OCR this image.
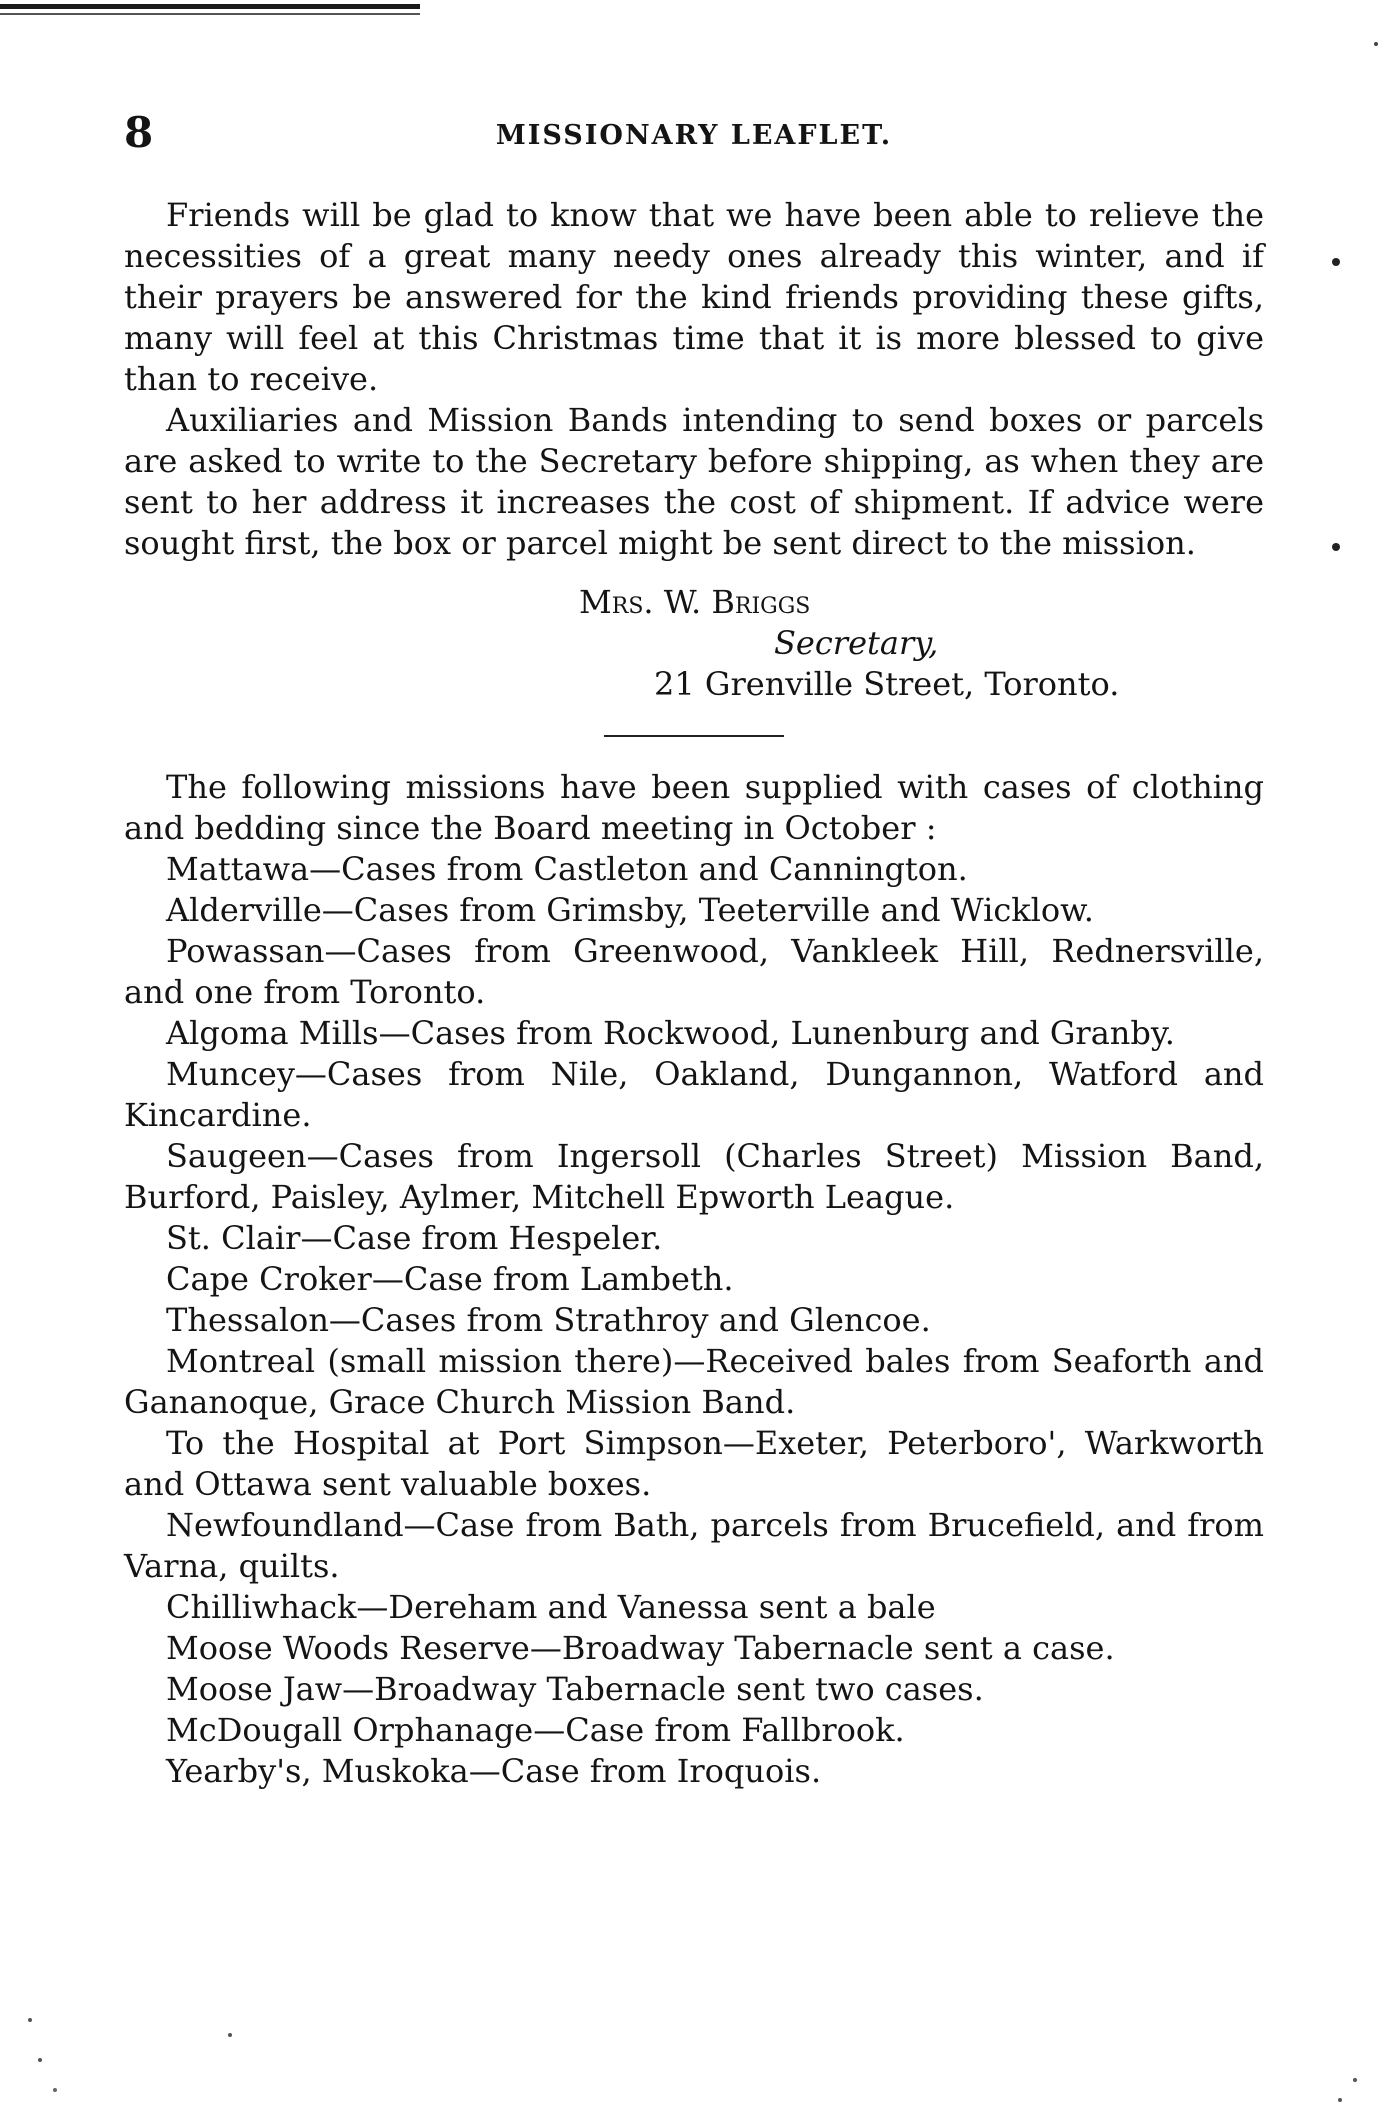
8	MISSIONARY LEAFLET.

Friends will be glad to know that we have been able to relieve the necessities of a great many needy ones already this winter, and if their prayers be answered for the kind friends providing these gifts, many will feel at this Christmas time that it is more blessed to give than to receive.

Auxiliaries and Mission Bands intending to send boxes or parcels are asked to write to the Secretary before shipping, as when they are sent to her address it increases the cost of shipment. If advice were sought first, the box or parcel might be sent direct to the mission.

Mrs. W. Briggs

Secretary,

21 Grenville Street, Toronto.

The following missions have been supplied with cases of clothing and bedding since the Board meeting in October :

Mattawa—Cases from Castleton and Cannington.

Alderville—Cases from Grimsby, Teeterville and Wicklow.

Powassan—Cases from Greenwood, Vankleek Hill, Rednersville, and one from Toronto.

Algoma Mills—Cases from Rockwood, Lunenburg and Granby.

Muncey—Cases from Nile, Oakland, Dungannon, Watford and Kincardine.

Saugeen—Cases from Ingersoll (Charles Street) Mission Band, Burford, Paisley, Aylmer, Mitchell Epworth League.

St. Clair—Case from Hespeler.

Cape Croker—Case from Lambeth.

Thessalon—Cases from Strathroy and Glencoe.

Montreal (small mission there)—Received bales from Seaforth and Gananoque, Grace Church Mission Band.

To the Hospital at Port Simpson—Exeter, Peterboro', Warkworth and Ottawa sent valuable boxes.

Newfoundland—Case from Bath, parcels from Brucefield, and from Varna, quilts.

Chilliwhack—Dereham and Vanessa sent a bale

Moose Woods Reserve—Broadway Tabernacle sent a case.

Moose Jaw—Broadway Tabernacle sent two cases.

McDougall Orphanage—Case from Fallbrook.

Yearby's, Muskoka—Case from Iroquois.
